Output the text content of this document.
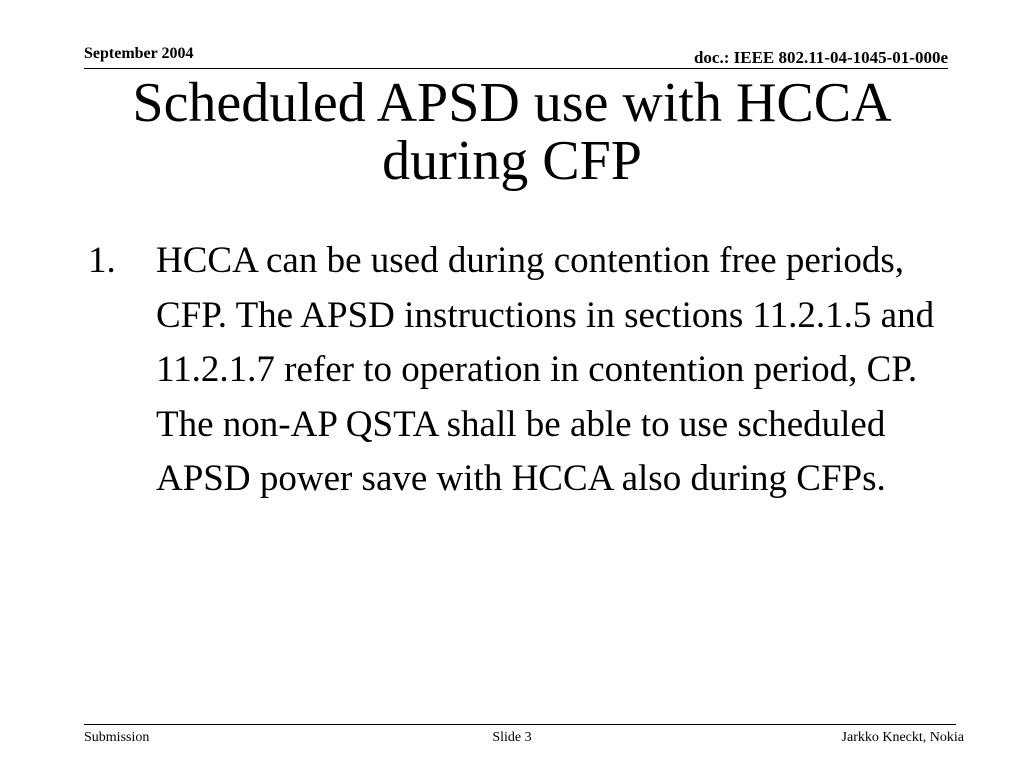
September 2004	doc.: IEEE 802.11-04-1045-01-000e
Scheduled APSD use with HCCA during CFP
1. HCCA can be used during contention free periods, CFP. The APSD instructions in sections 11.2.1.5 and 11.2.1.7 refer to operation in contention period, CP. The non-AP QSTA shall be able to use scheduled APSD power save with HCCA also during CFPs.
Submission	Slide 3	Jarkko Kneckt, Nokia
